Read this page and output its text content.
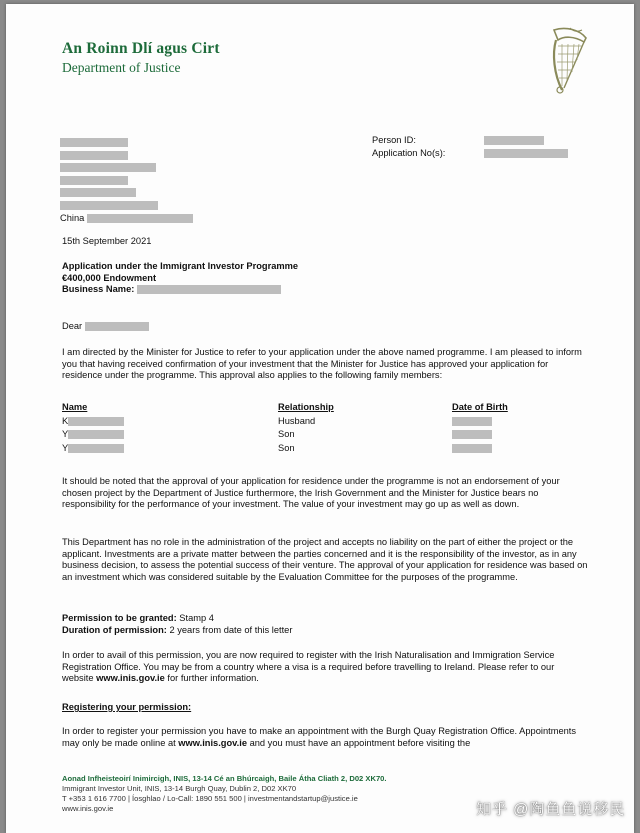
An Roinn Dlí agus Cirt
Department of Justice
China
Person ID:
Application No(s):
15th September 2021
Application under the Immigrant Investor Programme
€400,000 Endowment
Business Name:
Dear

I am directed by the Minister for Justice to refer to your application under the above named programme. I am pleased to inform you that having received confirmation of your investment that the Minister for Justice has approved your application for residence under the programme. This approval also applies to the following family members:

Name	Relationship	Date of Birth
K	Husband
Y	Son
Y	Son

It should be noted that the approval of your application for residence under the programme is not an endorsement of your chosen project by the Department of Justice furthermore, the Irish Government and the Minister for Justice bears no responsibility for the performance of your investment. The value of your investment may go up as well as down.

This Department has no role in the administration of the project and accepts no liability on the part of either the project or the applicant. Investments are a private matter between the parties concerned and it is the responsibility of the investor, as in any business decision, to assess the potential success of their venture. The approval of your application for residence was based on an investment which was considered suitable by the Evaluation Committee for the purposes of the programme.

Permission to be granted: Stamp 4
Duration of permission: 2 years from date of this letter

In order to avail of this permission, you are now required to register with the Irish Naturalisation and Immigration Service Registration Office. You may be from a country where a visa is a required before travelling to Ireland. Please refer to our website www.inis.gov.ie for further information.

Registering your permission:

In order to register your permission you have to make an appointment with the Burgh Quay Registration Office. Appointments may only be made online at www.inis.gov.ie and you must have an appointment before visiting the

Aonad Infheisteoirí Inimircigh, INIS, 13-14 Cé an Bhúrcaigh, Baile Átha Cliath 2, D02 XK70.
Immigrant Investor Unit, INIS, 13-14 Burgh Quay, Dublin 2, D02 XK70
T +353 1 616 7700 | Íosghlao / Lo-Call: 1890 551 500 | investmentandstartup@justice.ie
www.inis.gov.ie	知乎 @陶鱼鱼说移民
